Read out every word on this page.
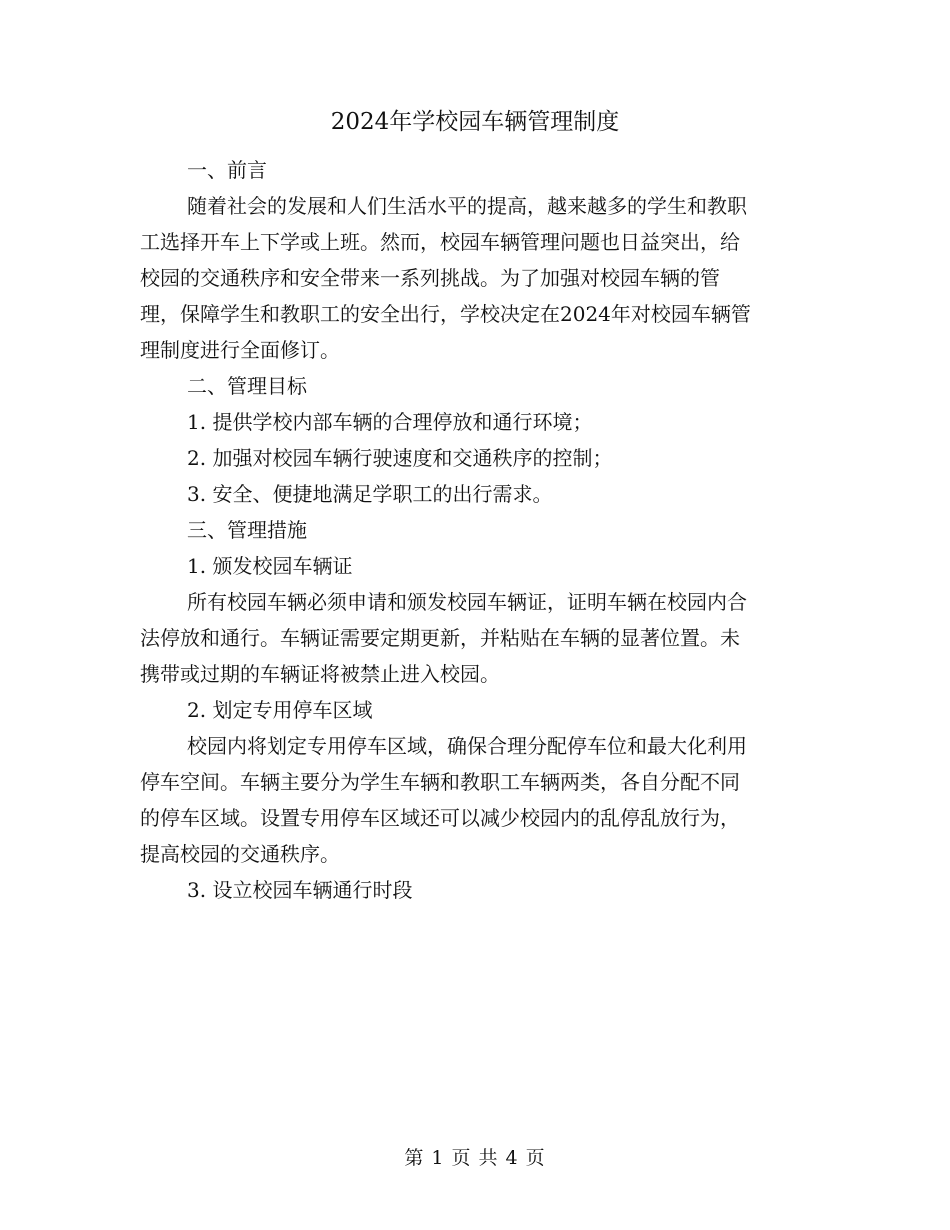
2024年学校园车辆管理制度
一、前言
随着社会的发展和人们生活水平的提高，越来越多的学生和教职
工选择开车上下学或上班。然而，校园车辆管理问题也日益突出，给
校园的交通秩序和安全带来一系列挑战。为了加强对校园车辆的管
理，保障学生和教职工的安全出行，学校决定在2024年对校园车辆管
理制度进行全面修订。
二、管理目标
1. 提供学校内部车辆的合理停放和通行环境；
2. 加强对校园车辆行驶速度和交通秩序的控制；
3. 安全、便捷地满足学职工的出行需求。
三、管理措施
1. 颁发校园车辆证
所有校园车辆必须申请和颁发校园车辆证，证明车辆在校园内合
法停放和通行。车辆证需要定期更新，并粘贴在车辆的显著位置。未
携带或过期的车辆证将被禁止进入校园。
2. 划定专用停车区域
校园内将划定专用停车区域，确保合理分配停车位和最大化利用
停车空间。车辆主要分为学生车辆和教职工车辆两类，各自分配不同
的停车区域。设置专用停车区域还可以减少校园内的乱停乱放行为，
提高校园的交通秩序。
3. 设立校园车辆通行时段
第 1 页 共 4 页
